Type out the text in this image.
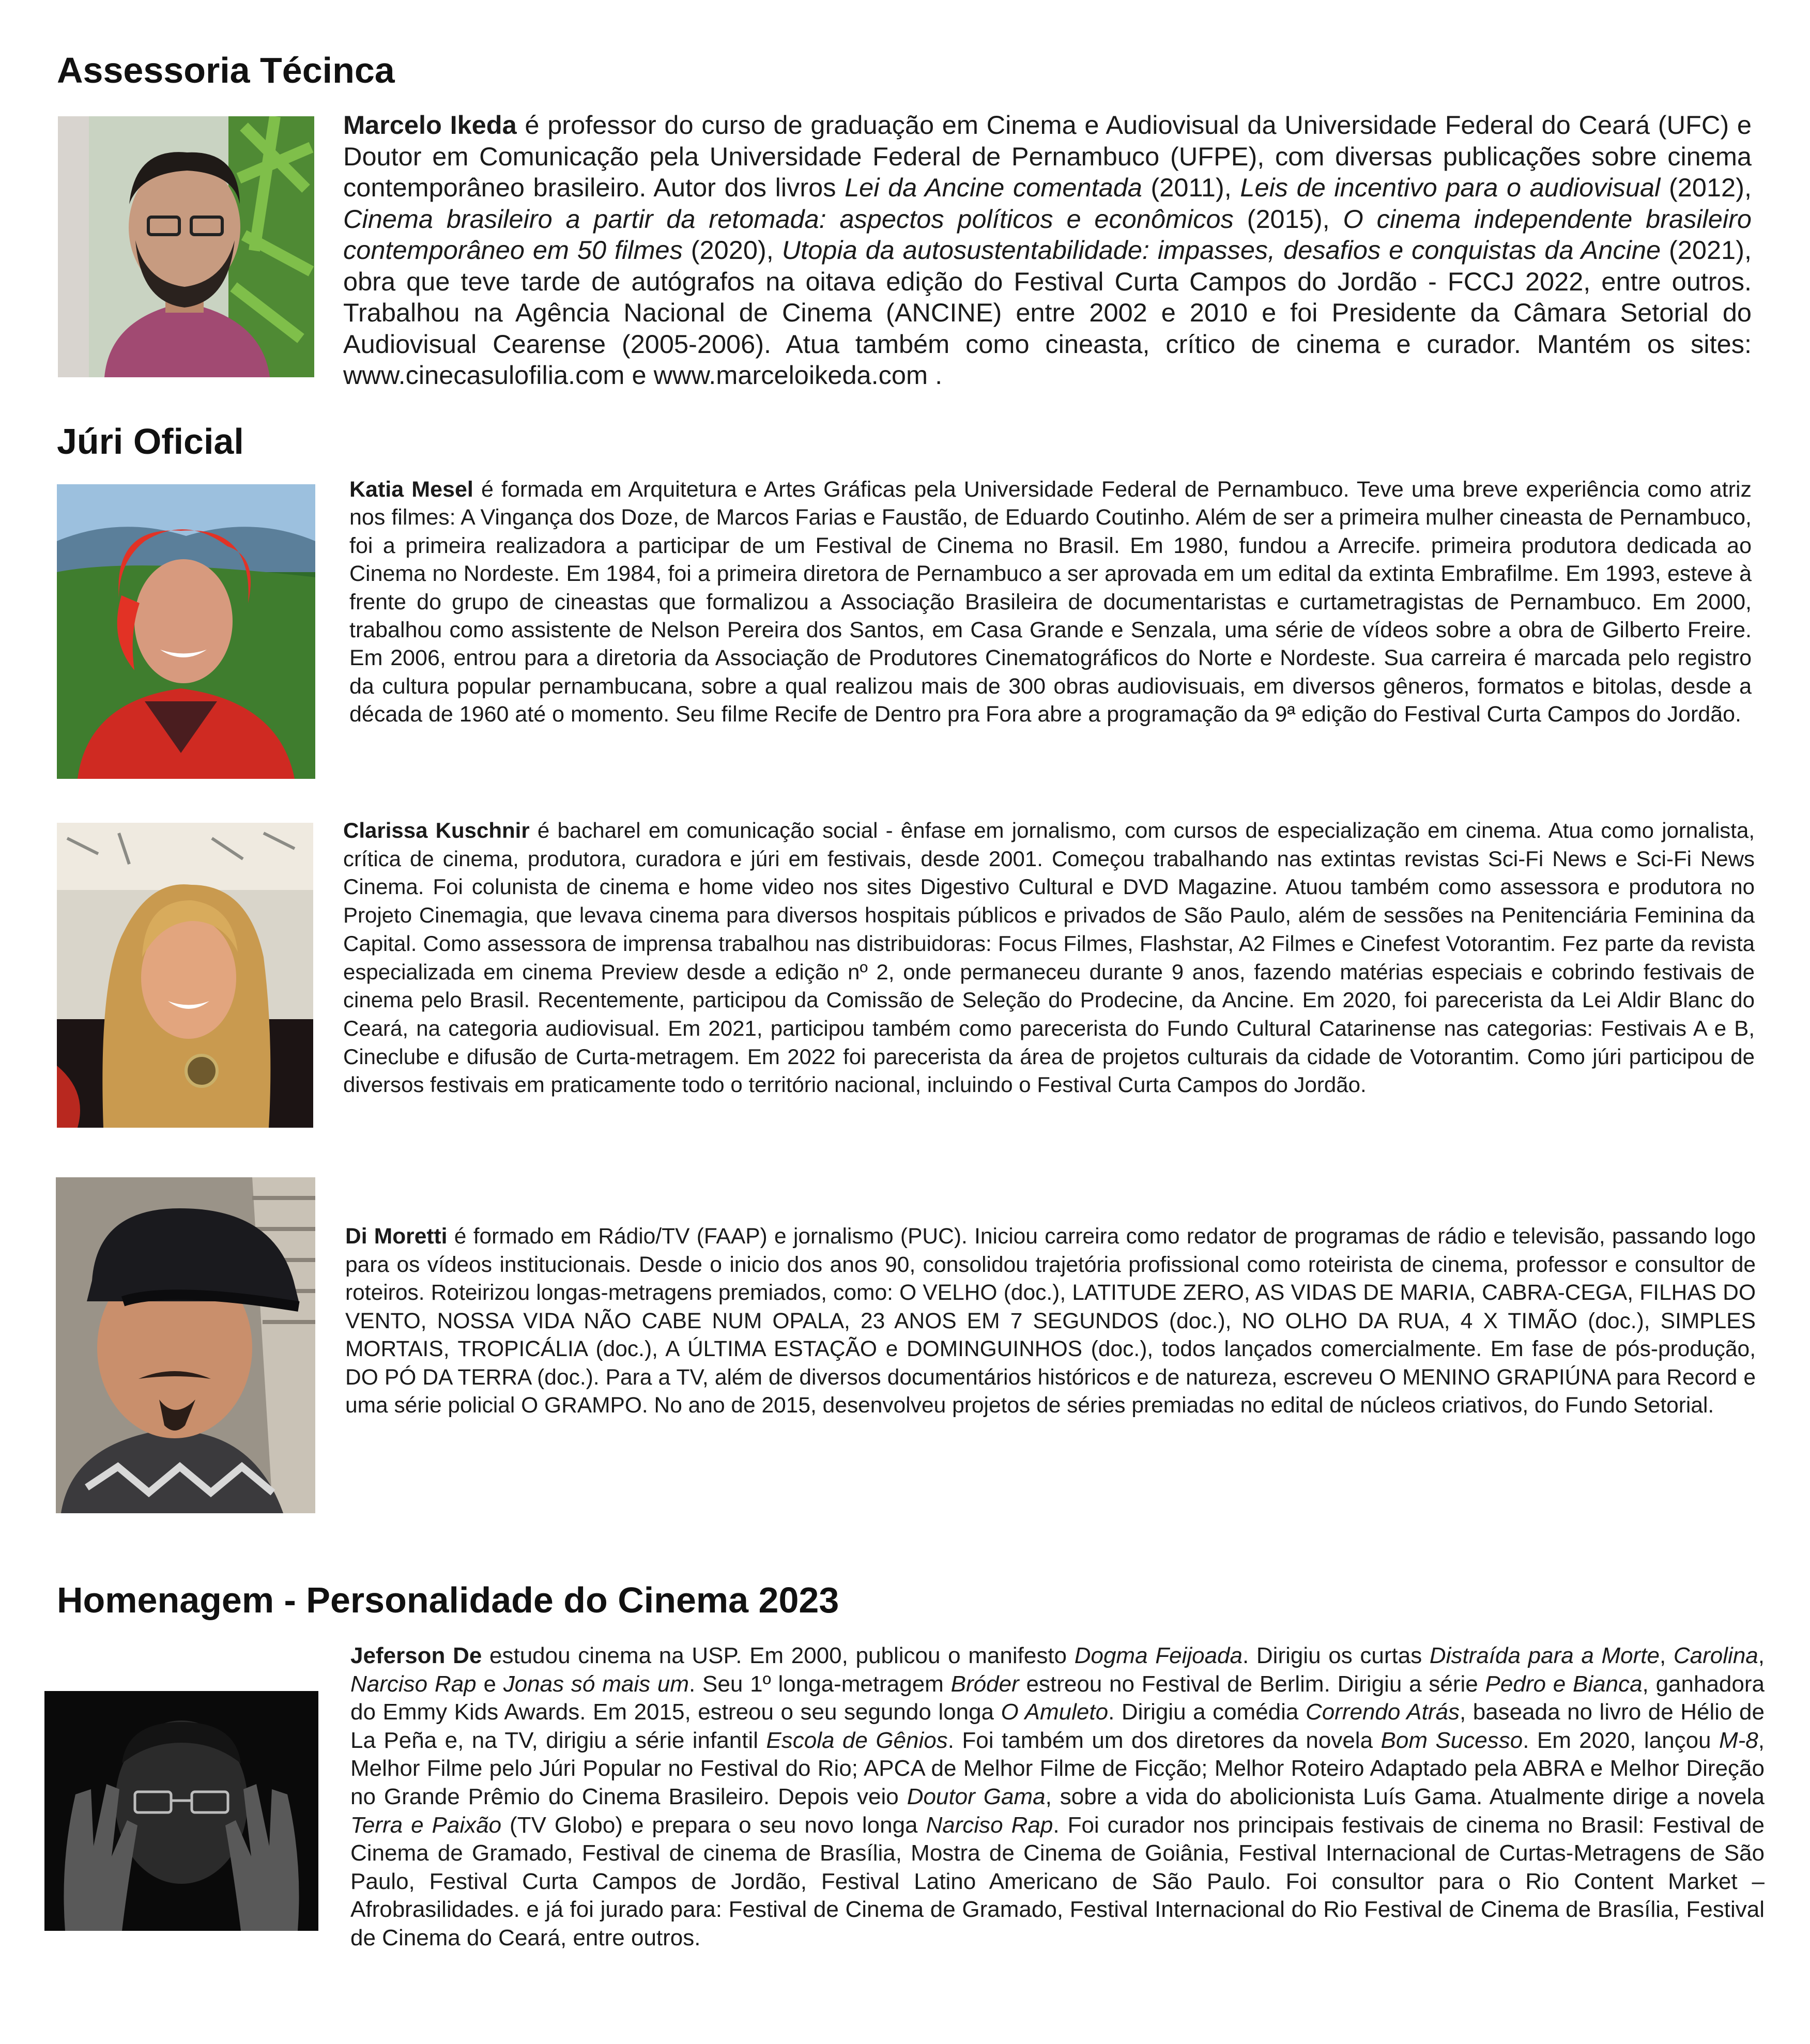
Assessoria Técinca

Marcelo Ikeda é professor do curso de graduação em Cinema e Audiovisual da Universidade Federal do Ceará (UFC) e Doutor em Comunicação pela Universidade Federal de Pernambuco (UFPE), com diversas publicações sobre cinema contemporâneo brasileiro. Autor dos livros Lei da Ancine comentada (2011), Leis de incentivo para o audiovisual (2012), Cinema brasileiro a partir da retomada: aspectos políticos e econômicos (2015), O cinema independente brasileiro contemporâneo em 50 filmes (2020), Utopia da autosustentabilidade: impasses, desafios e conquistas da Ancine (2021), obra que teve tarde de autógrafos na oitava edição do Festival Curta Campos do Jordão - FCCJ 2022, entre outros. Trabalhou na Agência Nacional de Cinema (ANCINE) entre 2002 e 2010 e foi Presidente da Câmara Setorial do Audiovisual Cearense (2005-2006). Atua também como cineasta, crítico de cinema e curador. Mantém os sites: www.cinecasulofilia.com e www.marceloikeda.com .

Júri Oficial

Katia Mesel é formada em Arquitetura e Artes Gráficas pela Universidade Federal de Pernambuco. Teve uma breve experiência como atriz nos filmes: A Vingança dos Doze, de Marcos Farias e Faustão, de Eduardo Coutinho. Além de ser a primeira mulher cineasta de Pernambuco, foi a primeira realizadora a participar de um Festival de Cinema no Brasil. Em 1980, fundou a Arrecife. primeira produtora dedicada ao Cinema no Nordeste. Em 1984, foi a primeira diretora de Pernambuco a ser aprovada em um edital da extinta Embrafilme. Em 1993, esteve à frente do grupo de cineastas que formalizou a Associação Brasileira de documentaristas e curtametragistas de Pernambuco. Em 2000, trabalhou como assistente de Nelson Pereira dos Santos, em Casa Grande e Senzala, uma série de vídeos sobre a obra de Gilberto Freire. Em 2006, entrou para a diretoria da Associação de Produtores Cinematográficos do Norte e Nordeste. Sua carreira é marcada pelo registro da cultura popular pernambucana, sobre a qual realizou mais de 300 obras audiovisuais, em diversos gêneros, formatos e bitolas, desde a década de 1960 até o momento. Seu filme Recife de Dentro pra Fora abre a programação da 9ª edição do Festival Curta Campos do Jordão.

Clarissa Kuschnir é bacharel em comunicação social - ênfase em jornalismo, com cursos de especialização em cinema. Atua como jornalista, crítica de cinema, produtora, curadora e júri em festivais, desde 2001. Começou trabalhando nas extintas revistas Sci-Fi News e Sci-Fi News Cinema. Foi colunista de cinema e home video nos sites Digestivo Cultural e DVD Magazine. Atuou também como assessora e produtora no Projeto Cinemagia, que levava cinema para diversos hospitais públicos e privados de São Paulo, além de sessões na Penitenciária Feminina da Capital. Como assessora de imprensa trabalhou nas distribuidoras: Focus Filmes, Flashstar, A2 Filmes e Cinefest Votorantim. Fez parte da revista especializada em cinema Preview desde a edição nº 2, onde permaneceu durante 9 anos, fazendo matérias especiais e cobrindo festivais de cinema pelo Brasil. Recentemente, participou da Comissão de Seleção do Prodecine, da Ancine. Em 2020, foi parecerista da Lei Aldir Blanc do Ceará, na categoria audiovisual. Em 2021, participou também como parecerista do Fundo Cultural Catarinense nas categorias: Festivais A e B, Cineclube e difusão de Curta-metragem. Em 2022 foi parecerista da área de projetos culturais da cidade de Votorantim. Como júri participou de diversos festivais em praticamente todo o território nacional, incluindo o Festival Curta Campos do Jordão.

Di Moretti é formado em Rádio/TV (FAAP) e jornalismo (PUC). Iniciou carreira como redator de programas de rádio e televisão, passando logo para os vídeos institucionais. Desde o inicio dos anos 90, consolidou trajetória profissional como roteirista de cinema, professor e consultor de roteiros. Roteirizou longas-metragens premiados, como: O VELHO (doc.), LATITUDE ZERO, AS VIDAS DE MARIA, CABRA-CEGA, FILHAS DO VENTO, NOSSA VIDA NÃO CABE NUM OPALA, 23 ANOS EM 7 SEGUNDOS (doc.), NO OLHO DA RUA, 4 X TIMÃO (doc.), SIMPLES MORTAIS, TROPICÁLIA (doc.), A ÚLTIMA ESTAÇÃO e DOMINGUINHOS (doc.), todos lançados comercialmente. Em fase de pós-produção, DO PÓ DA TERRA (doc.). Para a TV, além de diversos documentários históricos e de natureza, escreveu O MENINO GRAPIÚNA para Record e uma série policial O GRAMPO. No ano de 2015, desenvolveu projetos de séries premiadas no edital de núcleos criativos, do Fundo Setorial.

Homenagem - Personalidade do Cinema 2023

Jeferson De estudou cinema na USP. Em 2000, publicou o manifesto Dogma Feijoada. Dirigiu os curtas Distraída para a Morte, Carolina, Narciso Rap e Jonas só mais um. Seu 1º longa-metragem Bróder estreou no Festival de Berlim. Dirigiu a série Pedro e Bianca, ganhadora do Emmy Kids Awards. Em 2015, estreou o seu segundo longa O Amuleto. Dirigiu a comédia Correndo Atrás, baseada no livro de Hélio de La Peña e, na TV, dirigiu a série infantil Escola de Gênios. Foi também um dos diretores da novela Bom Sucesso. Em 2020, lançou M-8, Melhor Filme pelo Júri Popular no Festival do Rio; APCA de Melhor Filme de Ficção; Melhor Roteiro Adaptado pela ABRA e Melhor Direção no Grande Prêmio do Cinema Brasileiro. Depois veio Doutor Gama, sobre a vida do abolicionista Luís Gama. Atualmente dirige a novela Terra e Paixão (TV Globo) e prepara o seu novo longa Narciso Rap. Foi curador nos principais festivais de cinema no Brasil: Festival de Cinema de Gramado, Festival de cinema de Brasília, Mostra de Cinema de Goiânia, Festival Internacional de Curtas-Metragens de São Paulo, Festival Curta Campos de Jordão, Festival Latino Americano de São Paulo. Foi consultor para o Rio Content Market – Afrobrasilidades. e já foi jurado para: Festival de Cinema de Gramado, Festival Internacional do Rio Festival de Cinema de Brasília, Festival de Cinema do Ceará, entre outros.
